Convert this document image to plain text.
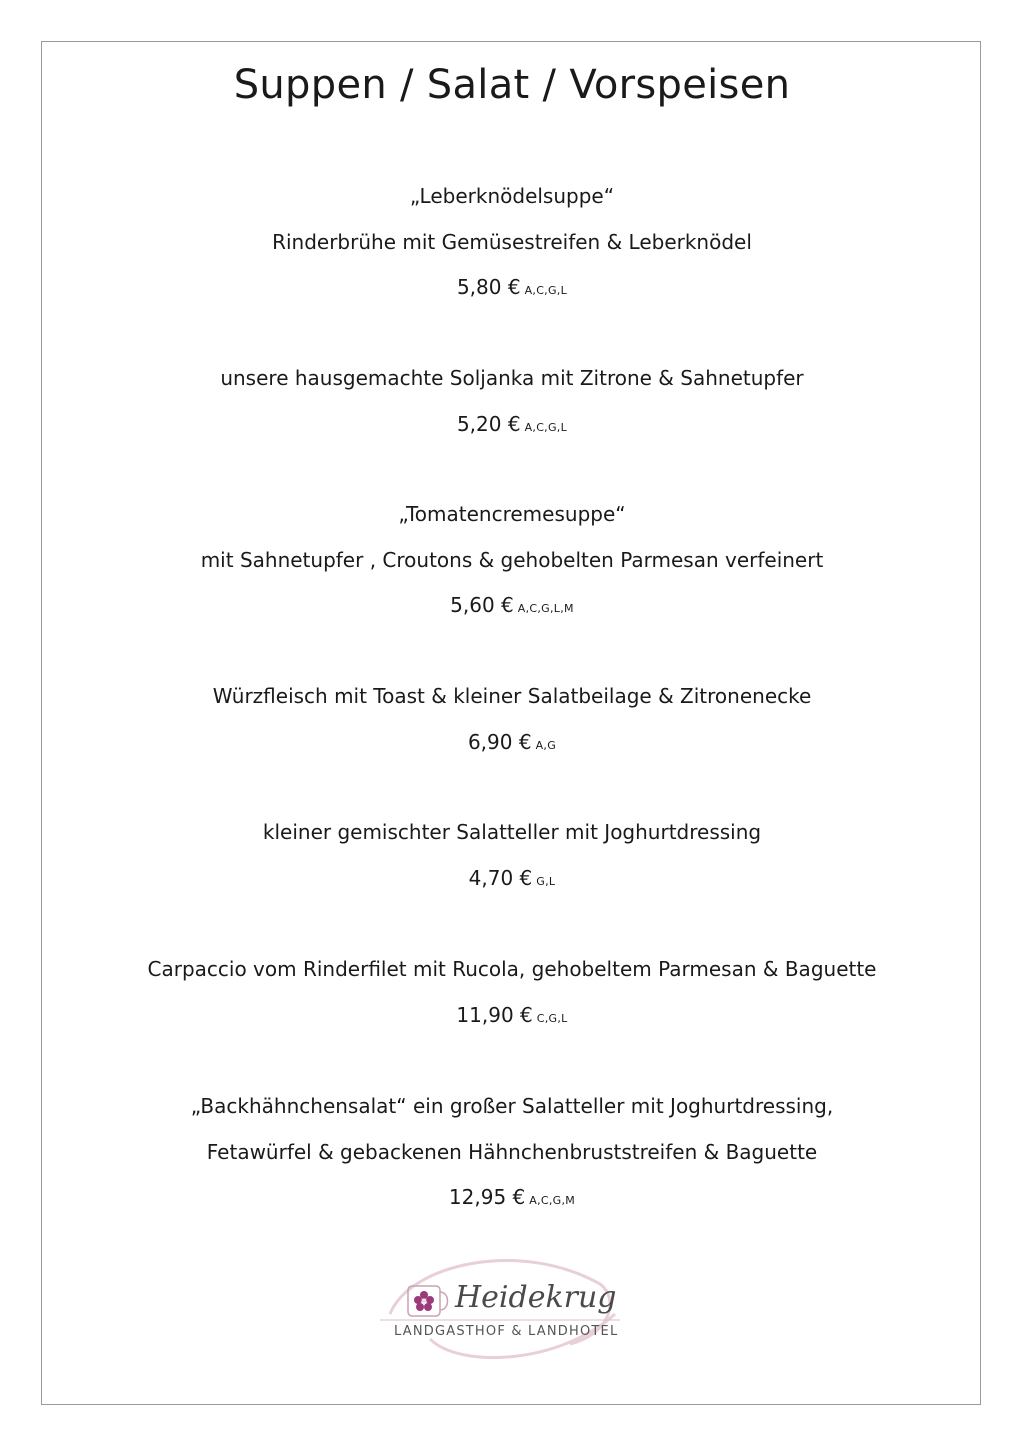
Suppen / Salat / Vorspeisen
„Leberknödelsuppe“
Rinderbrühe mit Gemüsestreifen & Leberknödel
5,80 € A,C,G,L
unsere hausgemachte Soljanka mit Zitrone & Sahnetupfer
5,20 € A,C,G,L
„Tomatencremesuppe“
mit Sahnetupfer , Croutons & gehobelten Parmesan verfeinert
5,60 € A,C,G,L,M
Würzfleisch mit Toast & kleiner Salatbeilage & Zitronenecke
6,90 € A,G
kleiner gemischter Salatteller mit Joghurtdressing
4,70 € G,L
Carpaccio vom Rinderfilet mit Rucola, gehobeltem Parmesan & Baguette
11,90 € C,G,L
„Backhähnchensalat“ ein großer Salatteller mit Joghurtdressing,
Fetawürfel & gebackenen Hähnchenbruststreifen & Baguette
12,95 € A,C,G,M
Heidekrug
LANDGASTHOF & LANDHOTEL
